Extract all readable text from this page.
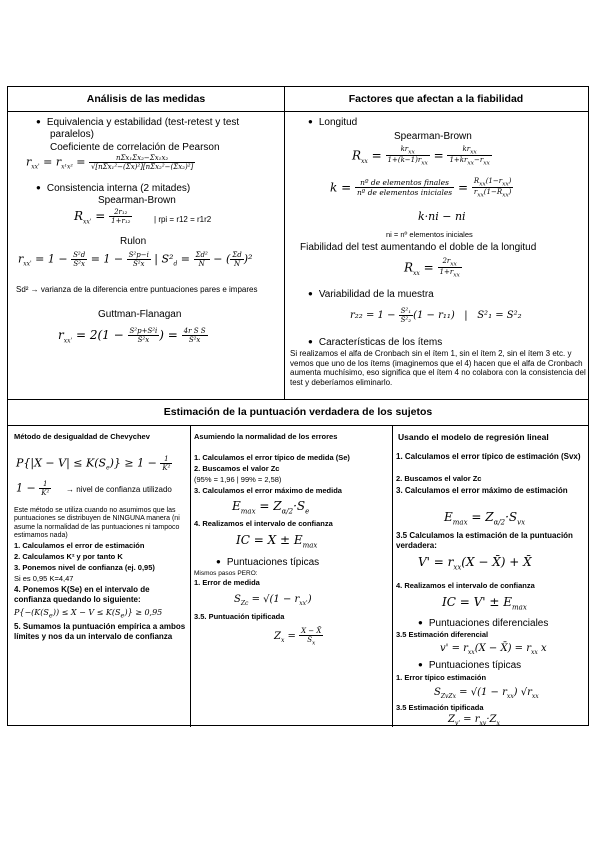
Análisis de las medidas	Factores que afectan a la fiabilidad
Estimación de la puntuación verdadera de los sujetos
● Equivalencia y estabilidad (test-retest y test
paralelos)
Coeficiente de correlación de Pearson
$r_{xx'} = r_{x^1x^2} = \frac{\text{nΣx₁Σx₂−Σx₁x₂}}{\text{√[nΣx₁²−(Σx)²][nΣx₂²−(Σx₂)²]}}$
● Consistencia interna (2 mitades)
Spearman-Brown
$R_{xx'} = \frac{\text{2r₁₂}}{\text{1+r₁₂}}$	| rpi = r12 = r1r2
Rulon
$r_{xx'} = 1 - \frac{\text{S²d}}{\text{S²x}} = 1 - \frac{\text{S²p−i}}{\text{S²x}}$ | $S^2_d = \frac{\text{Σd²}}{N}$ − ( $\frac{\Sigma d}{N} )^2$
Sd² → varianza de la diferencia entre puntuaciones pares e impares
Guttman-Flanagan
$r_{xx'} = 2(1 - \frac{\text{S²p+S²i}}{\text{S²x}}$ ) = $\frac{\text{4r S S}}{\text{S²x}}$
● Longitud
Spearman-Brown
$R_{xx} = \frac{kr_{xx}}{1+(k-1)r_{xx}} = \frac{kr_{xx}}{1+kr_{xx}-r_{xx}}$
$k = \frac{\text{nº de elementos finales}}{\text{nº de elementos iniciales}} = \frac{R_{xx}(1-r_{xx})}{r_{xx}(1-R_{xx})}$
k·ni − ni
ni = nº elementos iniciales
Fiabilidad del test aumentando el doble de la longitud
$R_{xx} = \frac{2r_{xx}}{1+r_{xx}}$
● Variabilidad de la muestra
$r_{22} = 1 - \frac{\text{S²₁}}{\text{S²₂}} (1 - r_{11})$   |   S²₁ = S²₂
● Características de los ítems
Si realizamos el alfa de Cronbach sin el ítem 1, sin el ítem 2, sin el ítem 3 etc. y vemos que uno de los ítems (imaginemos que el 4) hacen que el alfa de Cronbach aumenta muchísimo, eso significa que el ítem 4 no colabora con la consistencia del test y deberíamos eliminarlo.
Método de desigualdad de Chevychev
$P\{|X - V| \le K(S_e)\} \ge 1 - \frac{1}{\text{K²}}$
$1 - \frac{1}{\text{K²}}$ → nivel de confianza utilizado
Este método se utiliza cuando no asumimos que las puntuaciones se distribuyen de NINGUNA manera (ni asume la normalidad de las puntuaciones ni tampoco estimamos nada)
1. Calculamos el error de estimación
2. Calculamos K² y por tanto K
3. Ponemos nivel de confianza (ej. 0,95)
Si es 0,95 K=4,47
4. Ponemos K(Se) en el intervalo de confianza quedando lo siguiente:
$P\{-(K(S_e)) \le X - V \le K(S_e)\} \ge 0,95$
5. Sumamos la puntuación empírica a ambos límites y nos da un intervalo de confianza
Asumiendo la normalidad de los errores
1. Calculamos el error típico de medida (Se)
2. Buscamos el valor Zc
(95% = 1,96 | 99% = 2,58)
3. Calculamos el error máximo de medida
$E_{max} = Z_{\alpha/2}\cdot S_e$
4. Realizamos el intervalo de confianza
IC = $X \pm E_{max}$
● Puntuaciones típicas
Mismos pasos PERO:
1. Error de medida
$S_{Zc} = √(1 - r_{xx'})$
3.5. Puntuación tipificada
$Z_x = \frac{X - X̄}{S_x}$
Usando el modelo de regresión lineal
1. Calculamos el error típico de estimación (Svx)
2. Buscamos el valor Zc
3. Calculamos el error máximo de estimación
$E_{max} = Z_{\alpha/2}\cdot S_{vx}$
3.5 Calculamos la estimación de la puntuación verdadera:
$V' = r_{xx}(X$ − X̄) + X̄
4. Realizamos el intervalo de confianza
IC = $V' \pm E_{max}$
● Puntuaciones diferenciales
3.5 Estimación diferencial
$v' = r_{xx}(X$ − X̄) = $r_{xx}$ x
● Puntuaciones típicas
1. Error típico estimación
$S_{ZvZx} = √(1 - r_{xx})$ $√r_{xx}$
3.5 Estimación tipificada
$Z_{v'} = r_{xv}\cdot Z_x$
